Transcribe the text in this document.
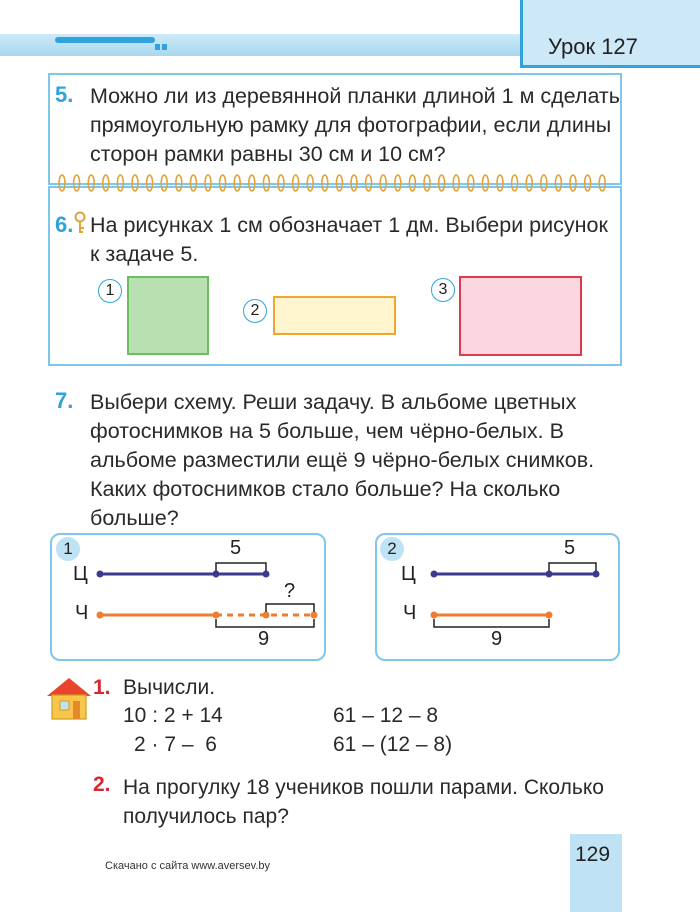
Урок 127
5. Можно ли из деревянной планки длиной 1 м сделать прямоугольную рамку для фотографии, если длины сторон рамки равны 30 см и 10 см?
6. На рисунках 1 см обозначает 1 дм. Выбери рисунок к задаче 5.
1
2
3
7. Выбери схему. Реши задачу. В альбоме цветных фотоснимков на 5 больше, чем чёрно-белых. В альбоме разместили ещё 9 чёрно-белых снимков. Каких фотоснимков стало больше? На сколько больше?
1
Ц
Ч
5
?
9
2
Ц
Ч
5
9
1. Вычисли.
10 : 2 + 14
2 · 7 –  6
61 – 12 – 8
61 – (12 – 8)
2. На прогулку 18 учеников пошли парами. Сколько получилось пар?
Скачано с сайта www.aversev.by	129
